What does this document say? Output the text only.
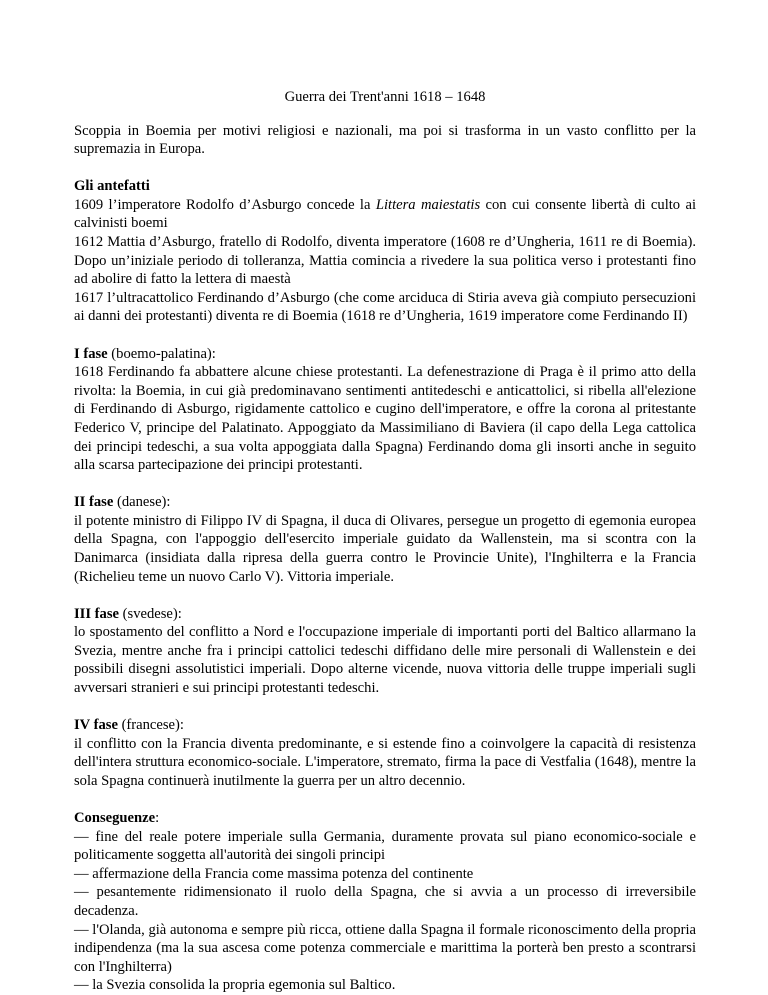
Guerra dei Trent'anni 1618 – 1648

Scoppia in Boemia per motivi religiosi e nazionali, ma poi si trasforma in un vasto conflitto per la supremazia in Europa.

Gli antefatti

1609 l’imperatore Rodolfo d’Asburgo concede la Littera maiestatis con cui consente libertà di culto ai calvinisti boemi

1612 Mattia d’Asburgo, fratello di Rodolfo, diventa imperatore (1608 re d’Ungheria, 1611 re di Boemia). Dopo un’iniziale periodo di tolleranza, Mattia comincia a rivedere la sua politica verso i protestanti fino ad abolire di fatto la lettera di maestà

1617 l’ultracattolico Ferdinando d’Asburgo (che come arciduca di Stiria aveva già compiuto persecuzioni ai danni dei protestanti) diventa re di Boemia (1618 re d’Ungheria, 1619 imperatore come Ferdinando II)

I fase (boemo-palatina):

1618 Ferdinando fa abbattere alcune chiese protestanti. La defenestrazione di Praga è il primo atto della rivolta: la Boemia, in cui già predominavano sentimenti antitedeschi e anticattolici, si ribella all'elezione di Ferdinando di Asburgo, rigidamente cattolico e cugino dell'imperatore, e offre la corona al pritestante Federico V, principe del Palatinato. Appoggiato da Massimiliano di Baviera (il capo della Lega cattolica dei principi tedeschi, a sua volta appoggiata dalla Spagna) Ferdinando doma gli insorti anche in seguito alla scarsa partecipazione dei principi protestanti.

II fase (danese):

il potente ministro di Filippo IV di Spagna, il duca di Olivares, persegue un progetto di egemonia europea della Spagna, con l'appoggio dell'esercito imperiale guidato da Wallenstein, ma si scontra con la Danimarca (insidiata dalla ripresa della guerra contro le Provincie Unite), l'Inghilterra e la Francia (Richelieu teme un nuovo Carlo V). Vittoria imperiale.

III fase (svedese):

lo spostamento del conflitto a Nord e l'occupazione imperiale di importanti porti del Baltico allarmano la Svezia, mentre anche fra i principi cattolici tedeschi diffidano delle mire personali di Wallenstein e dei possibili disegni assolutistici imperiali. Dopo alterne vicende, nuova vittoria delle truppe imperiali sugli avversari stranieri e sui principi protestanti tedeschi.

IV fase (francese):

il conflitto con la Francia diventa predominante, e si estende fino a coinvolgere la capacità di resistenza dell'intera struttura economico-sociale. L'imperatore, stremato, firma la pace di Vestfalia (1648), mentre la sola Spagna continuerà inutilmente la guerra per un altro decennio.

Conseguenze:

— fine del reale potere imperiale sulla Germania, duramente provata sul piano economico-sociale e politicamente soggetta all'autorità dei singoli principi

— affermazione della Francia come massima potenza del continente

— pesantemente ridimensionato il ruolo della Spagna, che si avvia a un processo di irreversibile decadenza.

— l'Olanda, già autonoma e sempre più ricca, ottiene dalla Spagna il formale riconoscimento della propria indipendenza (ma la sua ascesa come potenza commerciale e marittima la porterà ben presto a scontrarsi con l'Inghilterra)

— la Svezia consolida la propria egemonia sul Baltico.
